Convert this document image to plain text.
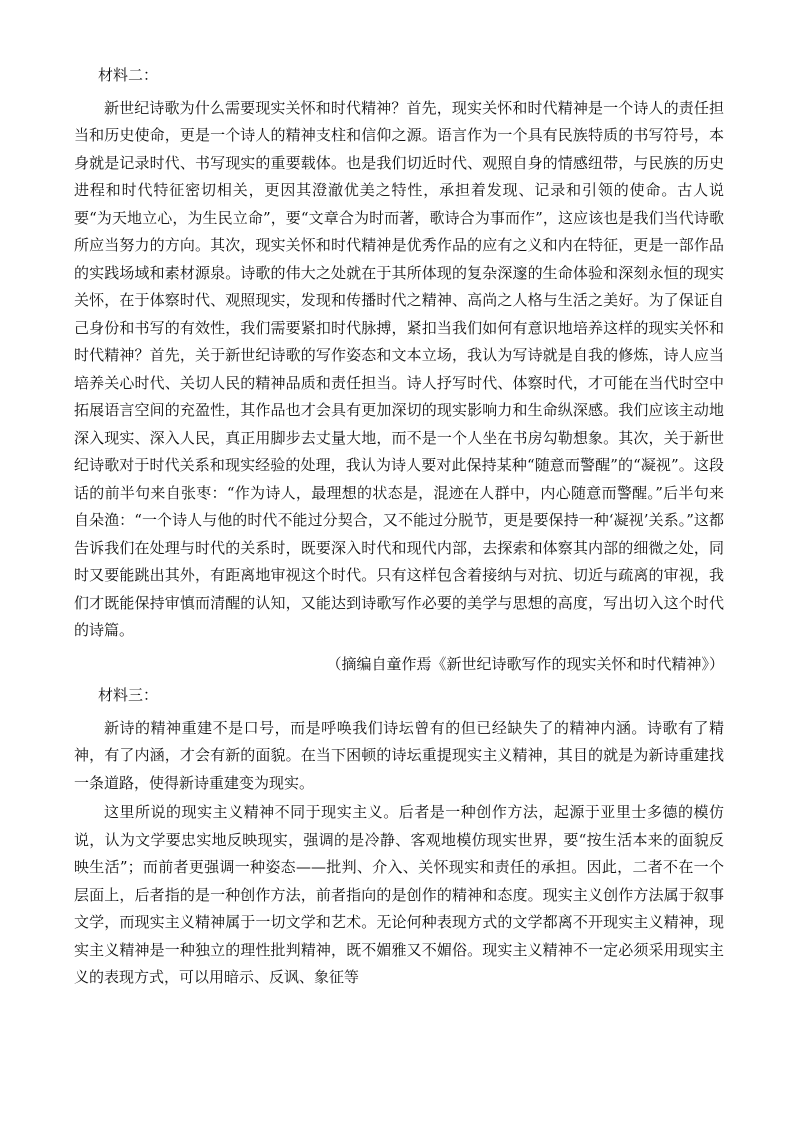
材料二：

新世纪诗歌为什么需要现实关怀和时代精神？首先，现实关怀和时代精神是一个诗人的责任担当和历史使命，更是一个诗人的精神支柱和信仰之源。语言作为一个具有民族特质的书写符号，本身就是记录时代、书写现实的重要载体。也是我们切近时代、观照自身的情感纽带，与民族的历史进程和时代特征密切相关，更因其澄澈优美之特性，承担着发现、记录和引领的使命。古人说要“为天地立心，为生民立命”，要“文章合为时而著，歌诗合为事而作”，这应该也是我们当代诗歌所应当努力的方向。其次，现实关怀和时代精神是优秀作品的应有之义和内在特征，更是一部作品的实践场域和素材源泉。诗歌的伟大之处就在于其所体现的复杂深邃的生命体验和深刻永恒的现实关怀，在于体察时代、观照现实，发现和传播时代之精神、高尚之人格与生活之美好。为了保证自己身份和书写的有效性，我们需要紧扣时代脉搏，紧扣当我们如何有意识地培养这样的现实关怀和时代精神？首先，关于新世纪诗歌的写作姿态和文本立场，我认为写诗就是自我的修炼，诗人应当培养关心时代、关切人民的精神品质和责任担当。诗人抒写时代、体察时代，才可能在当代时空中拓展语言空间的充盈性，其作品也才会具有更加深切的现实影响力和生命纵深感。我们应该主动地深入现实、深入人民，真正用脚步去丈量大地，而不是一个人坐在书房勾勒想象。其次，关于新世纪诗歌对于时代关系和现实经验的处理，我认为诗人要对此保持某种“随意而警醒”的“凝视”。这段话的前半句来自张枣：“作为诗人，最理想的状态是，混迹在人群中，内心随意而警醒。”后半句来自朵渔：“一个诗人与他的时代不能过分契合，又不能过分脱节，更是要保持一种‘凝视’关系。”这都告诉我们在处理与时代的关系时，既要深入时代和现代内部，去探索和体察其内部的细微之处，同时又要能跳出其外，有距离地审视这个时代。只有这样包含着接纳与对抗、切近与疏离的审视，我们才既能保持审慎而清醒的认知，又能达到诗歌写作必要的美学与思想的高度，写出切入这个时代的诗篇。

（摘编自童作焉《新世纪诗歌写作的现实关怀和时代精神》）

材料三：

新诗的精神重建不是口号，而是呼唤我们诗坛曾有的但已经缺失了的精神内涵。诗歌有了精神，有了内涵，才会有新的面貌。在当下困顿的诗坛重提现实主义精神，其目的就是为新诗重建找一条道路，使得新诗重建变为现实。

这里所说的现实主义精神不同于现实主义。后者是一种创作方法，起源于亚里士多德的模仿说，认为文学要忠实地反映现实，强调的是冷静、客观地模仿现实世界，要“按生活本来的面貌反映生活”；而前者更强调一种姿态——批判、介入、关怀现实和责任的承担。因此，二者不在一个层面上，后者指的是一种创作方法，前者指向的是创作的精神和态度。现实主义创作方法属于叙事文学，而现实主义精神属于一切文学和艺术。无论何种表现方式的文学都离不开现实主义精神，现实主义精神是一种独立的理性批判精神，既不媚雅又不媚俗。现实主义精神不一定必须采用现实主义的表现方式，可以用暗示、反讽、象征等
